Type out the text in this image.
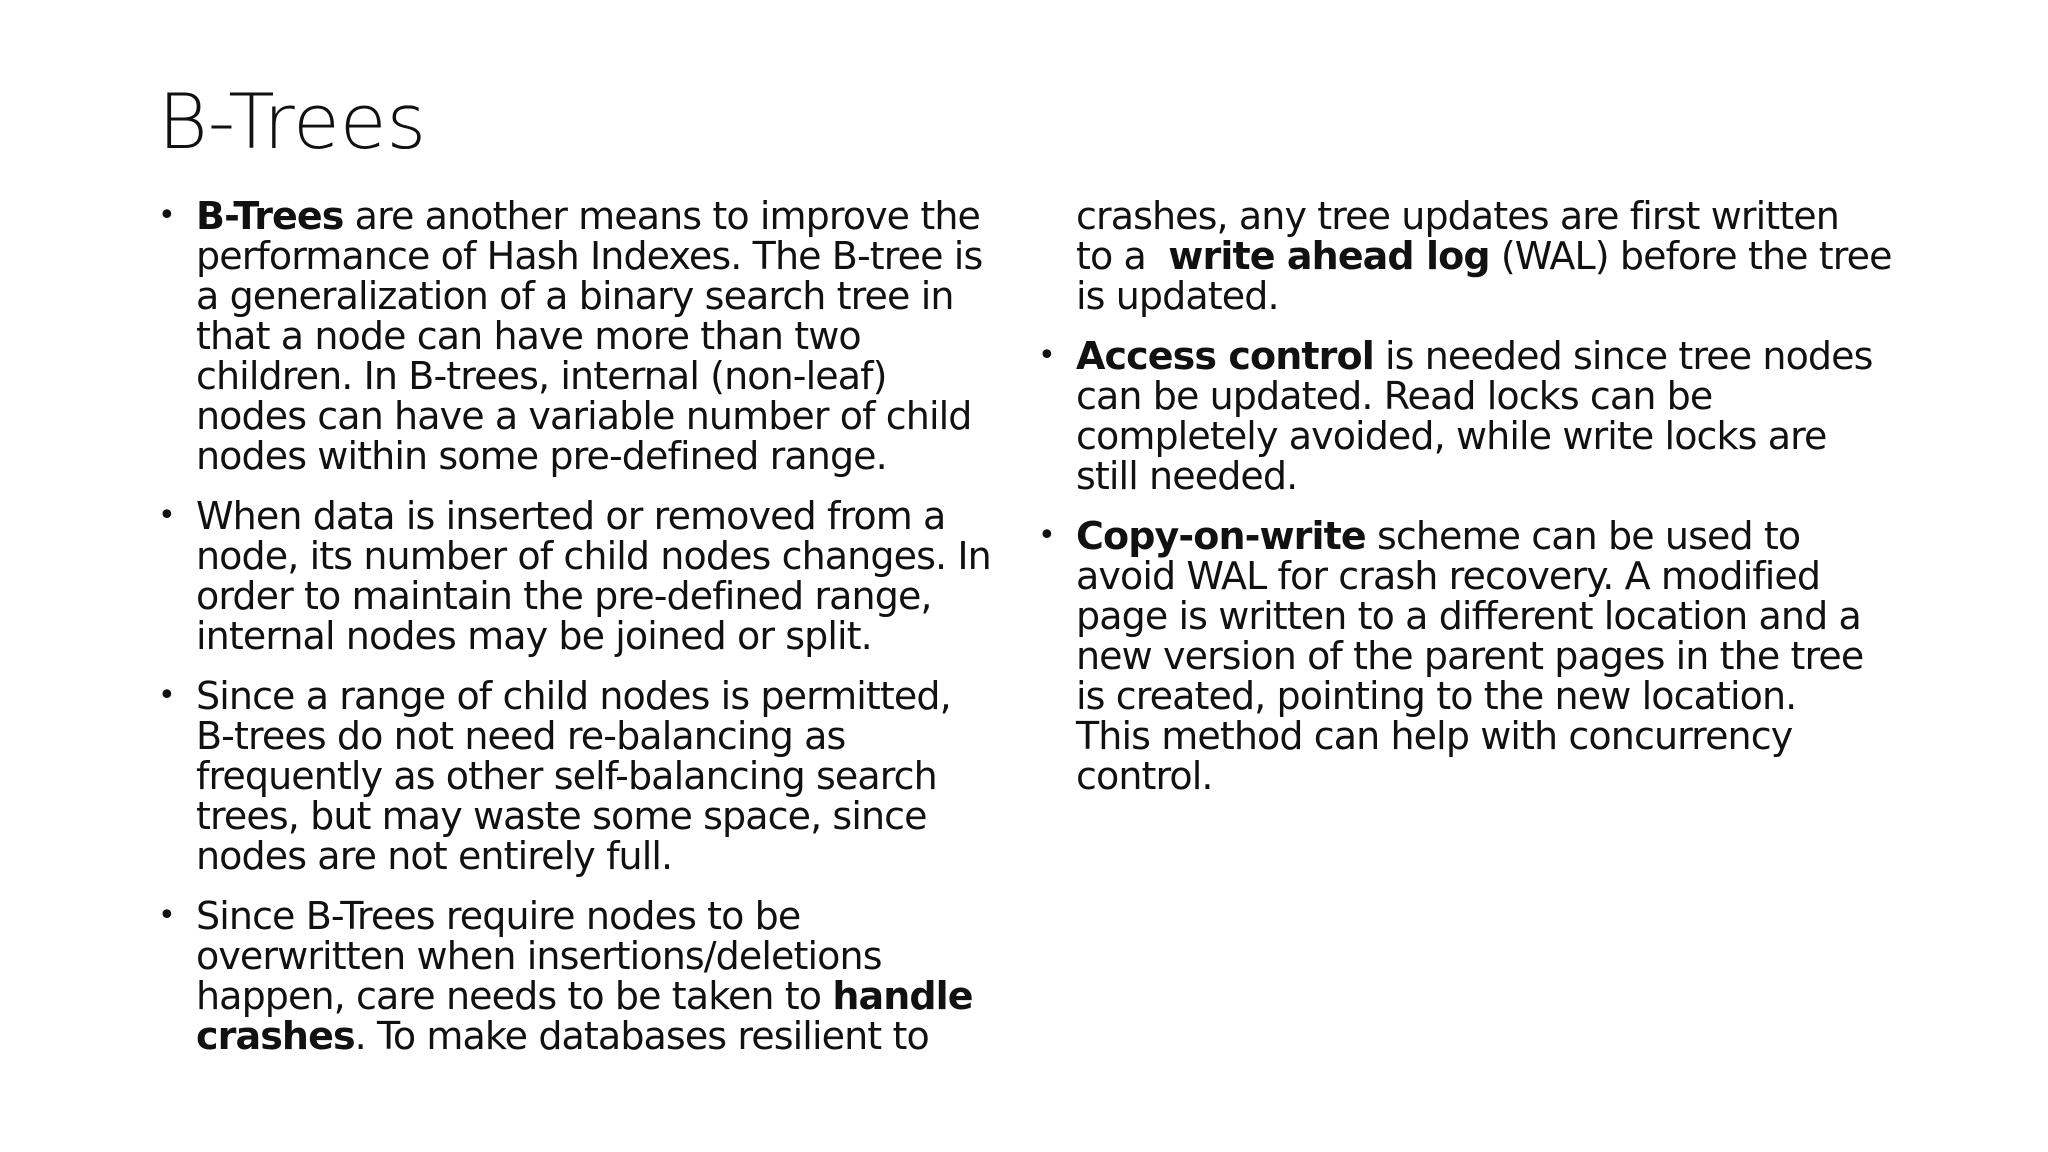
B-Trees
• B-Trees are another means to improve the
performance of Hash Indexes. The B-tree is
a generalization of a binary search tree in
that a node can have more than two
children. In B-trees, internal (non-leaf)
nodes can have a variable number of child
nodes within some pre-defined range.
• When data is inserted or removed from a
node, its number of child nodes changes. In
order to maintain the pre-defined range,
internal nodes may be joined or split.
• Since a range of child nodes is permitted,
B-trees do not need re-balancing as
frequently as other self-balancing search
trees, but may waste some space, since
nodes are not entirely full.
• Since B-Trees require nodes to be
overwritten when insertions/deletions
happen, care needs to be taken to handle
crashes. To make databases resilient to
crashes, any tree updates are first written
to a  write ahead log (WAL) before the tree
is updated.
• Access control is needed since tree nodes
can be updated. Read locks can be
completely avoided, while write locks are
still needed.
• Copy-on-write scheme can be used to
avoid WAL for crash recovery. A modified
page is written to a different location and a
new version of the parent pages in the tree
is created, pointing to the new location.
This method can help with concurrency
control.
